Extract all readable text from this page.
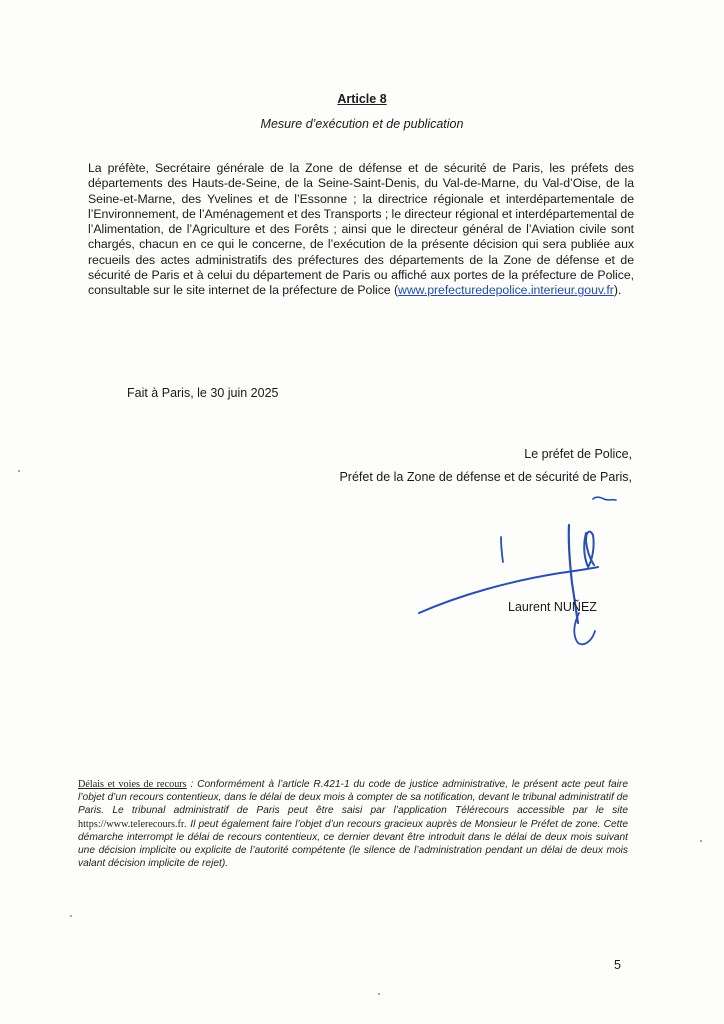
Article 8
Mesure d’exécution et de publication
La préfète, Secrétaire générale de la Zone de défense et de sécurité de Paris, les préfets des départements des Hauts-de-Seine, de la Seine-Saint-Denis, du Val-de-Marne, du Val-d’Oise, de la Seine-et-Marne, des Yvelines et de l’Essonne ; la directrice régionale et interdépartementale de l’Environnement, de l’Aménagement et des Transports ; le directeur régional et interdépartemental de l’Alimentation, de l’Agriculture et des Forêts ; ainsi que le directeur général de l’Aviation civile sont chargés, chacun en ce qui le concerne, de l’exécution de la présente décision qui sera publiée aux recueils des actes administratifs des préfectures des départements de la Zone de défense et de sécurité de Paris et à celui du département de Paris ou affiché aux portes de la préfecture de Police, consultable sur le site internet de la préfecture de Police (www.prefecturedepolice.interieur.gouv.fr).
Fait à Paris, le 30 juin 2025
Le préfet de Police,
Préfet de la Zone de défense et de sécurité de Paris,
Laurent NUÑEZ
Délais et voies de recours : Conformément à l’article R.421-1 du code de justice administrative, le présent acte peut faire l’objet d’un recours contentieux, dans le délai de deux mois à compter de sa notification, devant le tribunal administratif de Paris. Le tribunal administratif de Paris peut être saisi par l’application Télérecours accessible par le site https://www.telerecours.fr. Il peut également faire l’objet d’un recours gracieux auprès de Monsieur le Préfet de zone. Cette démarche interrompt le délai de recours contentieux, ce dernier devant être introduit dans le délai de deux mois suivant une décision implicite ou explicite de l’autorité compétente (le silence de l’administration pendant un délai de deux mois valant décision implicite de rejet).
5
